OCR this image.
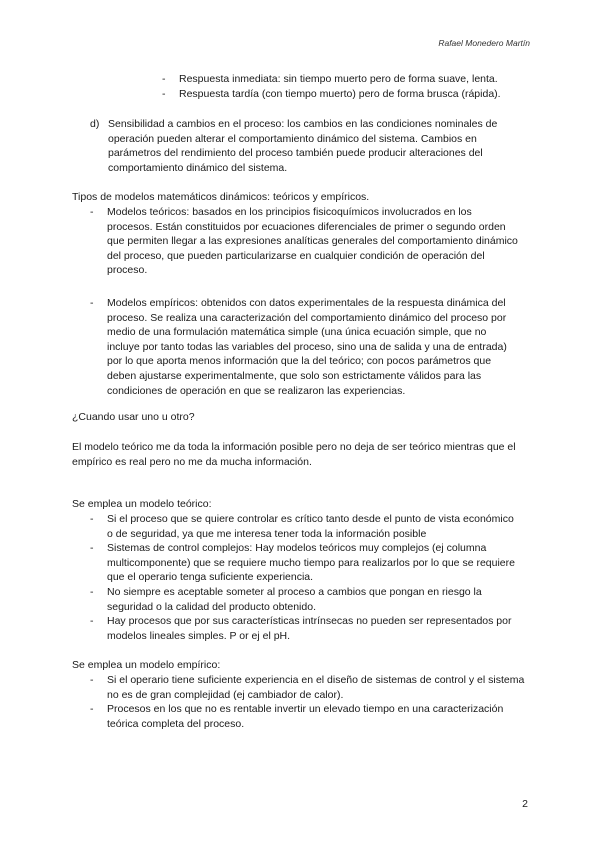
Rafael Monedero Martín
- Respuesta inmediata: sin tiempo muerto pero de forma suave, lenta.
- Respuesta tardía (con tiempo muerto) pero de forma brusca (rápida).
d) Sensibilidad a cambios en el proceso: los cambios en las condiciones nominales de operación pueden alterar el comportamiento dinámico del sistema. Cambios en parámetros del rendimiento del proceso también puede producir alteraciones del comportamiento dinámico del sistema.

Tipos de modelos matemáticos dinámicos: teóricos y empíricos.

- Modelos teóricos: basados en los principios fisicoquímicos involucrados en los procesos. Están constituidos por ecuaciones diferenciales de primer o segundo orden que permiten llegar a las expresiones analíticas generales del comportamiento dinámico del proceso, que pueden particularizarse en cualquier condición de operación del proceso.
- Modelos empíricos: obtenidos con datos experimentales de la respuesta dinámica del proceso. Se realiza una caracterización del comportamiento dinámico del proceso por medio de una formulación matemática simple (una única ecuación simple, que no incluye por tanto todas las variables del proceso, sino una de salida y una de entrada) por lo que aporta menos información que la del teórico; con pocos parámetros que deben ajustarse experimentalmente, que solo son estrictamente válidos para las condiciones de operación en que se realizaron las experiencias.

¿Cuando usar uno u otro?

El modelo teórico me da toda la información posible pero no deja de ser teórico mientras que el empírico es real pero no me da mucha información.

Se emplea un modelo teórico:

- Si el proceso que se quiere controlar es crítico tanto desde el punto de vista económico o de seguridad, ya que me interesa tener toda la información posible
- Sistemas de control complejos: Hay modelos teóricos muy complejos (ej columna multicomponente) que se requiere mucho tiempo para realizarlos por lo que se requiere que el operario tenga suficiente experiencia.
- No siempre es aceptable someter al proceso a cambios que pongan en riesgo la seguridad o la calidad del producto obtenido.
- Hay procesos que por sus características intrínsecas no pueden ser representados por modelos lineales simples. P or ej el pH.

Se emplea un modelo empírico:

- Si el operario tiene suficiente experiencia en el diseño de sistemas de control y el sistema no es de gran complejidad (ej cambiador de calor).
- Procesos en los que no es rentable invertir un elevado tiempo en una caracterización teórica completa del proceso.
2
